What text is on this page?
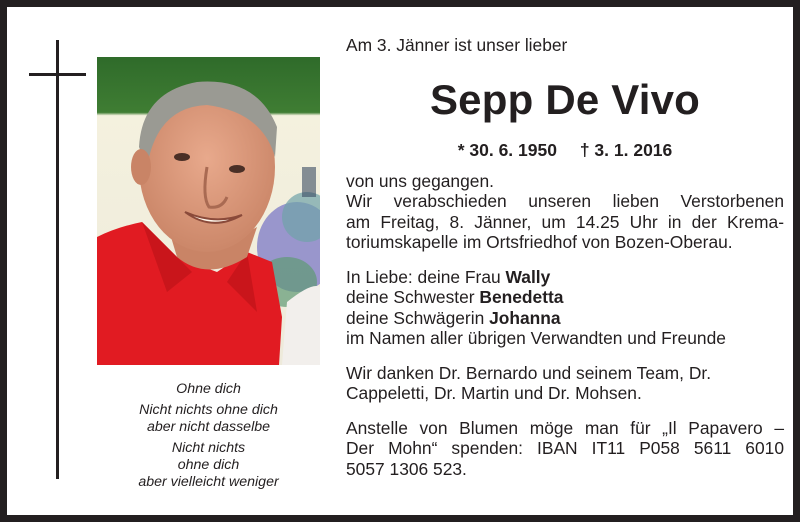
Ohne dich
Nicht nichts ohne dich
aber nicht dasselbe
Nicht nichts
ohne dich
aber vielleicht weniger

Am 3. Jänner ist unser lieber

Sepp De Vivo
* 30. 6. 1950 † 3. 1. 2016
von uns gegangen.
Wir verabschieden unseren lieben Verstorbenen
am Freitag, 8. Jänner, um 14.25 Uhr in der Krema-
toriumskapelle im Ortsfriedhof von Bozen-Oberau.
In Liebe: deine Frau Wally
deine Schwester Benedetta
deine Schwägerin Johanna
im Namen aller übrigen Verwandten und Freunde
Wir danken Dr. Bernardo und seinem Team, Dr.
Cappeletti, Dr. Martin und Dr. Mohsen.
Anstelle von Blumen möge man für „Il Papavero –
Der Mohn“ spenden: IBAN IT11 P058 5611 6010
5057 1306 523.
